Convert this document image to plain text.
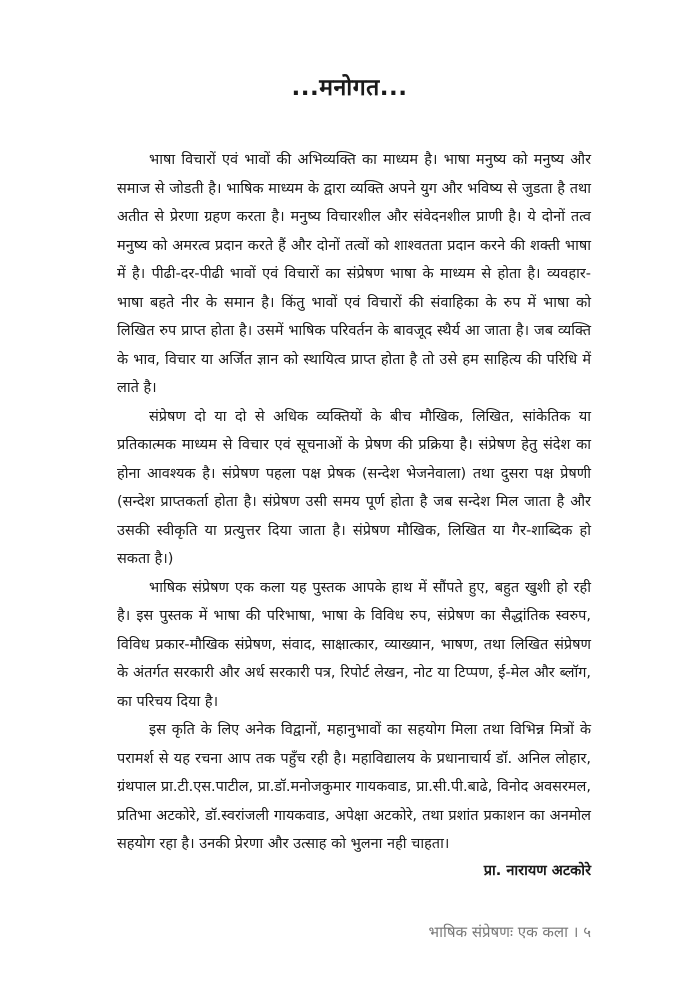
...मनोगत...

भाषा विचारों एवं भावों की अभिव्यक्ति का माध्यम है। भाषा मनुष्य को मनुष्य और समाज से जोडती है। भाषिक माध्यम के द्वारा व्यक्ति अपने युग और भविष्य से जुडता है तथा अतीत से प्रेरणा ग्रहण करता है। मनुष्य विचारशील और संवेदनशील प्राणी है। ये दोनों तत्व मनुष्य को अमरत्व प्रदान करते हैं और दोनों तत्वों को शाश्वतता प्रदान करने की शक्ती भाषा में है। पीढी-दर-पीढी भावों एवं विचारों का संप्रेषण भाषा के माध्यम से होता है। व्यवहार-भाषा बहते नीर के समान है। किंतु भावों एवं विचारों की संवाहिका के रुप में भाषा को लिखित रुप प्राप्त होता है। उसमें भाषिक परिवर्तन के बावजूद स्थैर्य आ जाता है। जब व्यक्ति के भाव, विचार या अर्जित ज्ञान को स्थायित्व प्राप्त होता है तो उसे हम साहित्य की परिधि में लाते है।

संप्रेषण दो या दो से अधिक व्यक्तियों के बीच मौखिक, लिखित, सांकेतिक या प्रतिकात्मक माध्यम से विचार एवं सूचनाओं के प्रेषण की प्रक्रिया है। संप्रेषण हेतु संदेश का होना आवश्यक है। संप्रेषण पहला पक्ष प्रेषक (सन्देश भेजनेवाला) तथा दुसरा पक्ष प्रेषणी (सन्देश प्राप्तकर्ता होता है। संप्रेषण उसी समय पूर्ण होता है जब सन्देश मिल जाता है और उसकी स्वीकृति या प्रत्युत्तर दिया जाता है। संप्रेषण मौखिक, लिखित या गैर-शाब्दिक हो सकता है।)

भाषिक संप्रेषण एक कला यह पुस्तक आपके हाथ में सौंपते हुए, बहुत खुशी हो रही है। इस पुस्तक में भाषा की परिभाषा, भाषा के विविध रुप, संप्रेषण का सैद्धांतिक स्वरुप, विविध प्रकार-मौखिक संप्रेषण, संवाद, साक्षात्कार, व्याख्यान, भाषण, तथा लिखित संप्रेषण के अंतर्गत सरकारी और अर्ध सरकारी पत्र, रिपोर्ट लेखन, नोट या टिप्पण, ई-मेल और ब्लॉग, का परिचय दिया है।

इस कृति के लिए अनेक विद्वानों, महानुभावों का सहयोग मिला तथा विभिन्न मित्रों के परामर्श से यह रचना आप तक पहुँच रही है। महाविद्यालय के प्रधानाचार्य डॉ. अनिल लोहार, ग्रंथपाल प्रा.टी.एस.पाटील, प्रा.डॉ.मनोजकुमार गायकवाड, प्रा.सी.पी.बाढे, विनोद अवसरमल, प्रतिभा अटकोरे, डॉ.स्वरांजली गायकवाड, अपेक्षा अटकोरे, तथा प्रशांत प्रकाशन का अनमोल सहयोग रहा है। उनकी प्रेरणा और उत्साह को भुलना नही चाहता।

प्रा. नारायण अटकोरे
भाषिक संप्रेषणः एक कला । ५
